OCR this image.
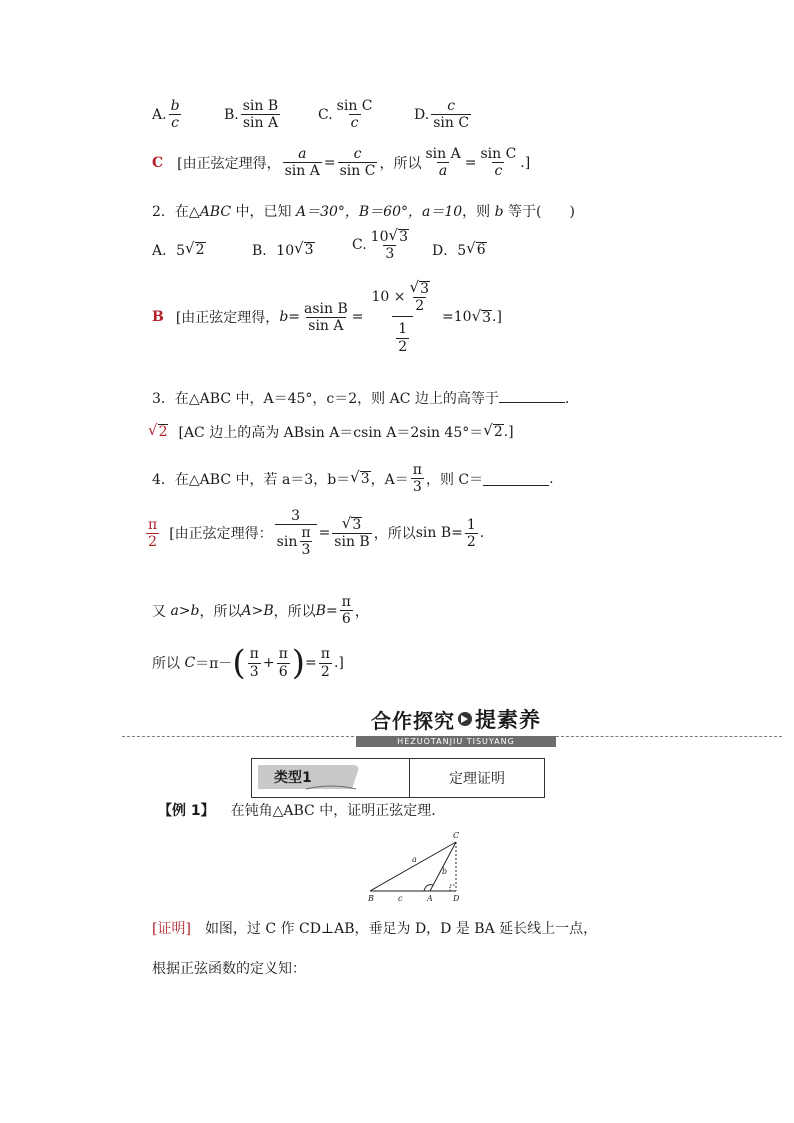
A. $\frac{b}{c}$	B. $\frac{\text{sin B}}{\text{sin A}}$	C. $\frac{\text{sin C}}{c}$	D. $\frac{c}{\text{sin C}}$
C [由正弦定理得， $\frac{a}{\text{sin A}} = \frac{c}{\text{sin C}}$ ，所以 $\frac{\text{sin A}}{a} = \frac{\text{sin C}}{c}$ .]
2．在△ABC 中，已知 A＝30°，B＝60°，a＝10，则 b 等于(　　)
A．5 √ 2	B．10 √ 3	C. $\frac{10 √ 3}{3}$ D．5 √ 6
B [由正弦定理得， $b = \frac{\text{asin B}}{\text{sin A}} = \frac{10 \times \frac{√ 3}{2}}{\frac{1}{2}} = 10$ √ 3 .]
3．在△ABC 中，A＝45°，c＝2，则 AC 边上的高等于	.
√ 2 [AC 边上的高为 ABsin A＝csin A＝2sin 45°＝ √ 2 .]
4．在△ABC 中，若 a＝3，b＝ √ 3 ，$A= \frac{\pi}{3}$ ，则 C＝	.
$\frac{\pi}{2}$ [由正弦定理得： $\frac{3}{\sin \frac{\pi}{3}} = \frac{√ 3}{\text{sin B}}$ ，所以 $\sin B = \frac{1}{2}$ .
又
a>b ，所以 A>B ，所以 $B = \frac{\pi}{6}$ ，
所以
C ＝π－ ( $\frac{\pi}{3} + \frac{\pi}{6}$ ) = $\frac{\pi}{2}$ .]
合作探究 提素养
HEZUOTANJIU TISUYANG
类型1	定理证明
【例 1】 在钝角△ABC 中，证明正弦定理.
C
a
b
B	c	A	D
[证明] 如图，过 C 作 CD⊥AB，垂足为 D，D 是 BA 延长线上一点，
根据正弦函数的定义知：
